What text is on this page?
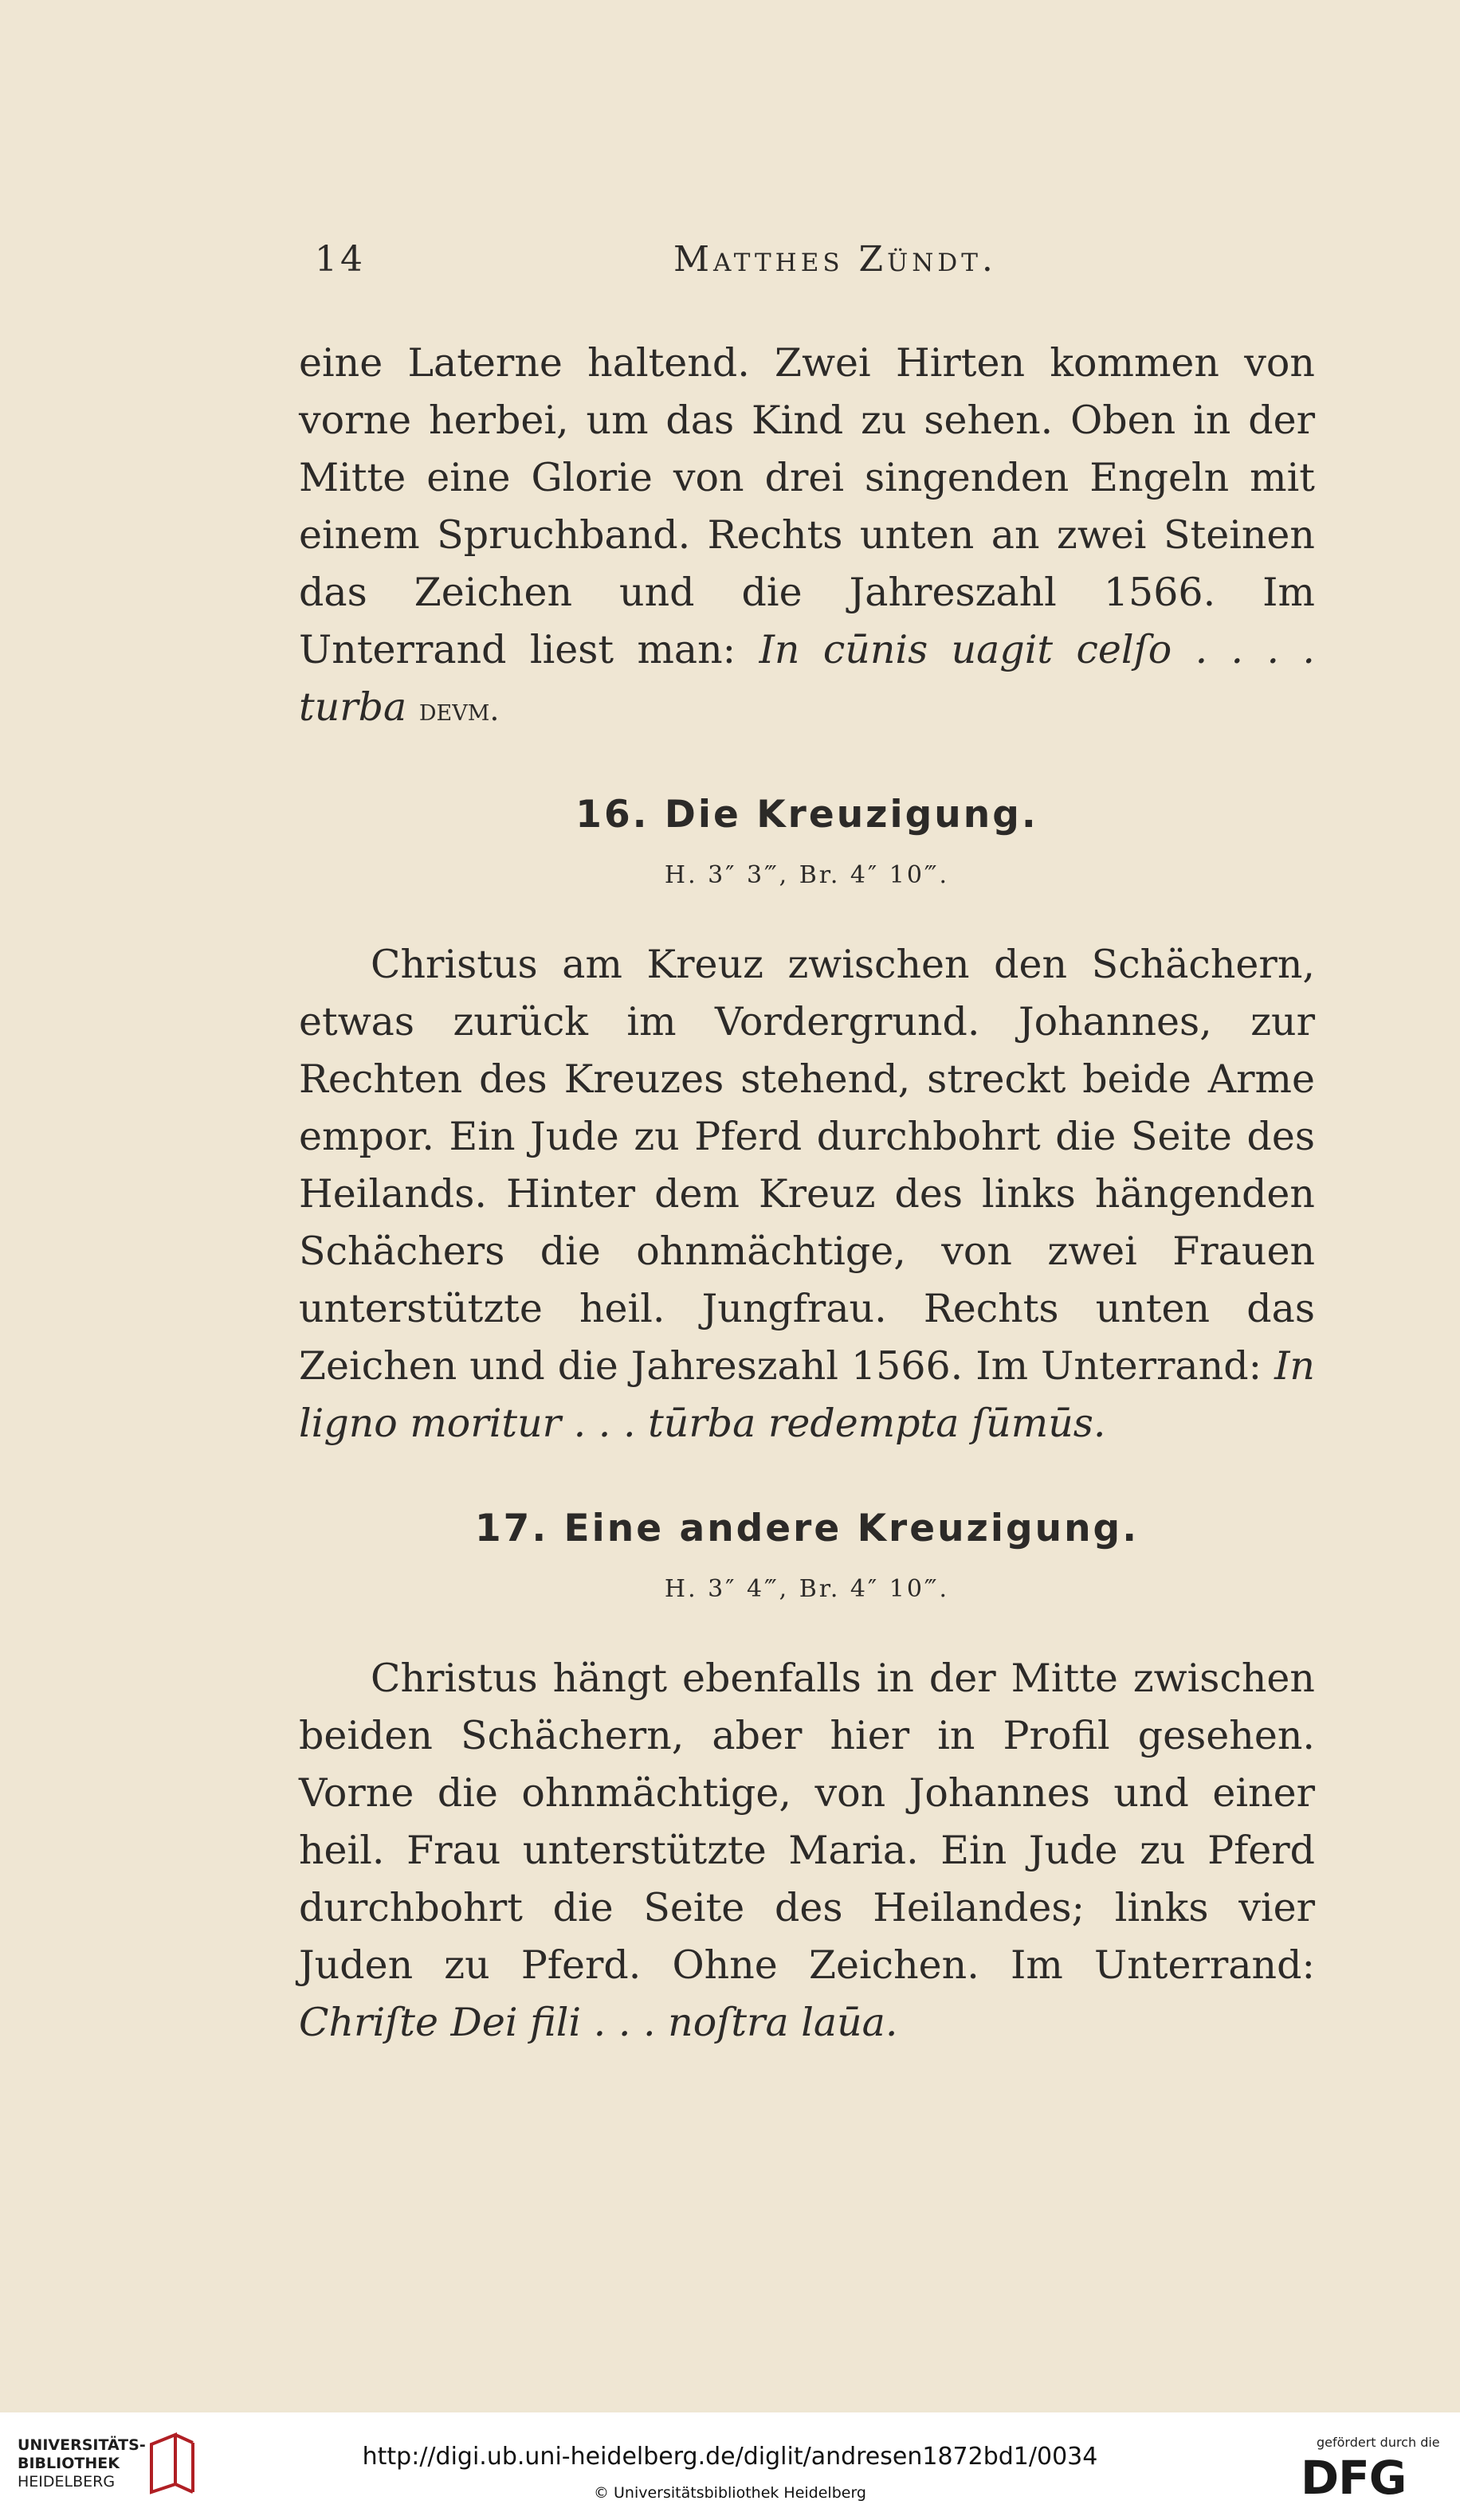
14	Matthes Zündt.

eine Laterne haltend. Zwei Hirten kommen von vorne herbei, um das Kind zu sehen. Oben in der Mitte eine Glorie von drei singenden Engeln mit einem Spruchband. Rechts unten an zwei Steinen das Zeichen und die Jahreszahl 1566. Im Unterrand liest man: In cūnis uagit celſo . . . . turba devm.

16. Die Kreuzigung.
H. 3″ 3‴, Br. 4″ 10‴.

Christus am Kreuz zwischen den Schächern, etwas zurück im Vordergrund. Johannes, zur Rechten des Kreuzes stehend, streckt beide Arme empor. Ein Jude zu Pferd durchbohrt die Seite des Heilands. Hinter dem Kreuz des links hängenden Schächers die ohnmächtige, von zwei Frauen unterstützte heil. Jungfrau. Rechts unten das Zeichen und die Jahreszahl 1566. Im Unterrand: In ligno moritur . . . tūrba redempta ſūmūs.

17. Eine andere Kreuzigung.
H. 3″ 4‴, Br. 4″ 10‴.

Christus hängt ebenfalls in der Mitte zwischen beiden Schächern, aber hier in Profil gesehen. Vorne die ohnmächtige, von Johannes und einer heil. Frau unterstützte Maria. Ein Jude zu Pferd durchbohrt die Seite des Heilandes; links vier Juden zu Pferd. Ohne Zeichen. Im Unterrand: Chriſte Dei fili . . . noſtra laūa.

UNIVERSITÄTS-
BIBLIOTHEK
HEIDELBERG
http://digi.ub.uni-heidelberg.de/diglit/andresen1872bd1/0034
© Universitätsbibliothek Heidelberg
gefördert durch die
DFG
